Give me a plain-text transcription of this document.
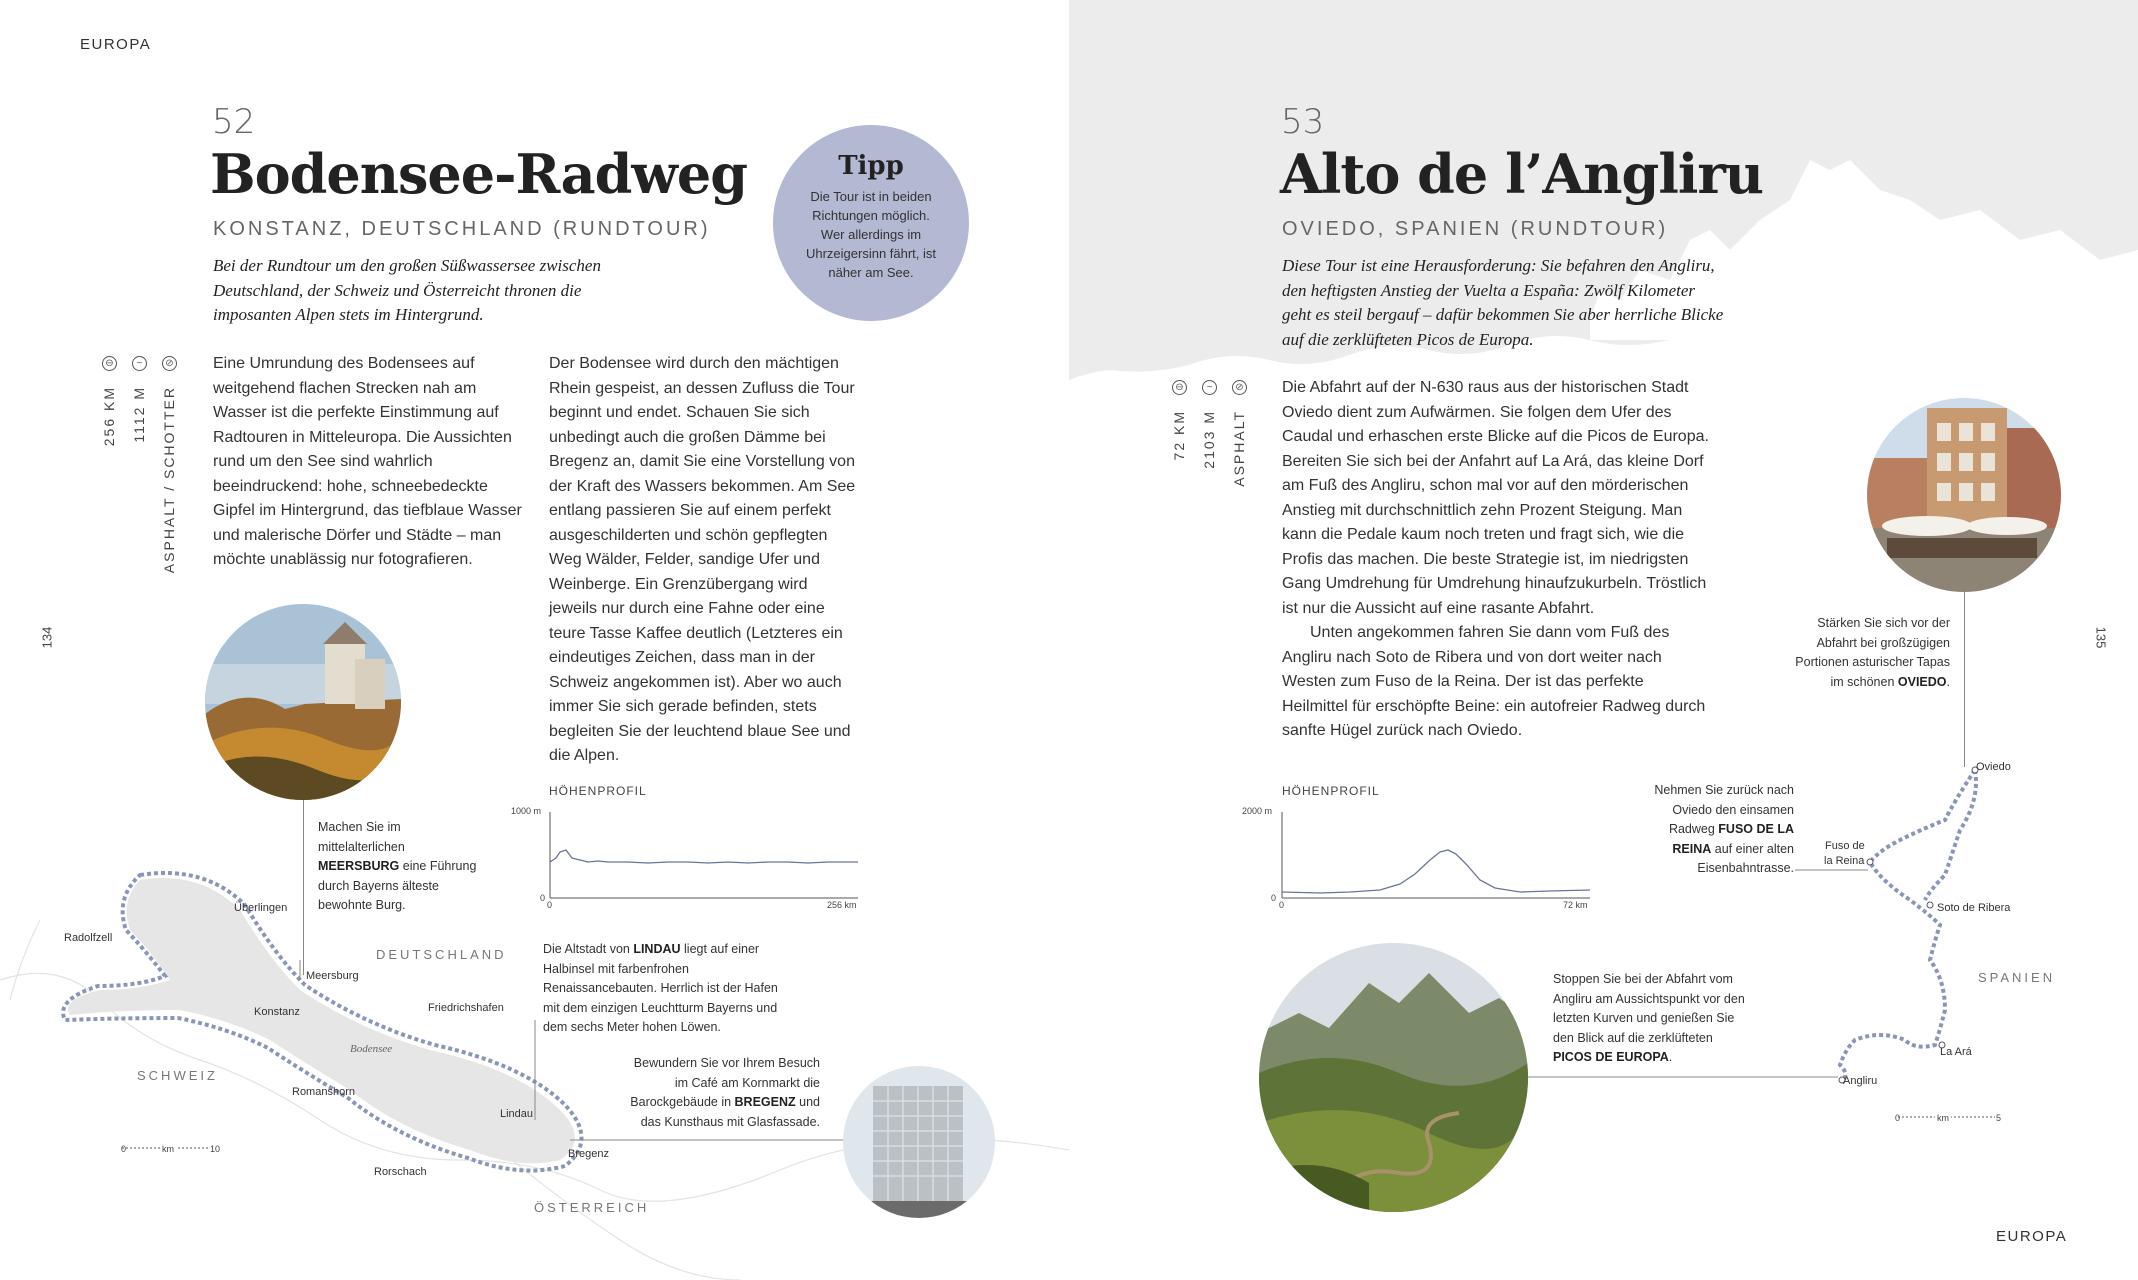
EUROPA
134
52
Bodensee-Radweg
KONSTANZ, DEUTSCHLAND (RUNDTOUR)
Bei der Rundtour um den großen Süßwassersee zwischen Deutschland, der Schweiz und Österreicht thronen die imposanten Alpen stets im Hintergrund.
Tipp
Die Tour ist in beiden Richtungen möglich. Wer allerdings im Uhrzeigersinn fährt, ist näher am See.
⊖	~	⊘
256 KM 1112 M ASPHALT / SCHOTTER

Eine Umrundung des Bodensees auf weitgehend flachen Strecken nah am Wasser ist die perfekte Einstimmung auf Radtouren in Mitteleuropa. Die Aussichten rund um den See sind wahrlich beeindruckend: hohe, schneebedeckte Gipfel im Hintergrund, das tiefblaue Wasser und malerische Dörfer und Städte – man möchte unablässig nur fotografieren.

Der Bodensee wird durch den mächtigen Rhein gespeist, an dessen Zufluss die Tour beginnt und endet. Schauen Sie sich unbedingt auch die großen Dämme bei Bregenz an, damit Sie eine Vorstellung von der Kraft des Wassers bekommen. Am See entlang passieren Sie auf einem perfekt ausgeschilderten und schön gepflegten Weg Wälder, Felder, sandige Ufer und Weinberge. Ein Grenzübergang wird jeweils nur durch eine Fahne oder eine teure Tasse Kaffee deutlich (Letzteres ein eindeutiges Zeichen, dass man in der Schweiz angekommen ist). Aber wo auch immer Sie sich gerade befinden, stets begleiten Sie der leuchtend blaue See und die Alpen.

Machen Sie im mittelalterlichen MEERSBURG eine Führung durch Bayerns älteste bewohnte Burg.
HÖHENPROFIL
1000 m
0
0	256 km
Überlingen
Radolfzell
Meersburg
Konstanz	Friedrichshafen
Bodensee
Romanshorn
Lindau
Rorschach
Bregenz
DEUTSCHLAND
SCHWEIZ
ÖSTERREICH
0	km	10
Die Altstadt von LINDAU liegt auf einer Halbinsel mit farbenfrohen Renaissancebauten. Herrlich ist der Hafen mit dem einzigen Leuchtturm Bayerns und dem sechs Meter hohen Löwen.
Bewundern Sie vor Ihrem Besuch im Café am Kornmarkt die Barockgebäude in BREGENZ und das Kunsthaus mit Glasfassade.
EUROPA
135
53
Alto de l’Angliru
OVIEDO, SPANIEN (RUNDTOUR)
Diese Tour ist eine Herausforderung: Sie befahren den Angliru, den heftigsten Anstieg der Vuelta a España: Zwölf Kilometer geht es steil bergauf – dafür bekommen Sie aber herrliche Blicke auf die zerklüfteten Picos de Europa.
⊖	~	⊘
72 KM 2103 M ASPHALT

Die Abfahrt auf der N-630 raus aus der historischen Stadt Oviedo dient zum Aufwärmen. Sie folgen dem Ufer des Caudal und erhaschen erste Blicke auf die Picos de Europa. Bereiten Sie sich bei der Anfahrt auf La Ará, das kleine Dorf am Fuß des Angliru, schon mal vor auf den mörderischen Anstieg mit durchschnittlich zehn Prozent Steigung. Man kann die Pedale kaum noch treten und fragt sich, wie die Profis das machen. Die beste Strategie ist, im niedrigsten Gang Umdrehung für Umdrehung hinaufzukurbeln. Tröstlich ist nur die Aussicht auf eine rasante Abfahrt.

Unten angekommen fahren Sie dann vom Fuß des Angliru nach Soto de Ribera und von dort weiter nach Westen zum Fuso de la Reina. Der ist das perfekte Heilmittel für erschöpfte Beine: ein autofreier Radweg durch sanfte Hügel zurück nach Oviedo.

Stärken Sie sich vor der Abfahrt bei großzügigen Portionen asturischer Tapas im schönen OVIEDO.
HÖHENPROFIL
2000 m
0
0	72 km
Oviedo
Fuso de
la Reina
Soto de Ribera
La Ará
Angliru
SPANIEN
0	km	5
Nehmen Sie zurück nach Oviedo den einsamen Radweg FUSO DE LA REINA auf einer alten Eisenbahntrasse.
Stoppen Sie bei der Abfahrt vom Angliru am Aussichtspunkt vor den letzten Kurven und genießen Sie den Blick auf die zerklüfteten PICOS DE EUROPA.
